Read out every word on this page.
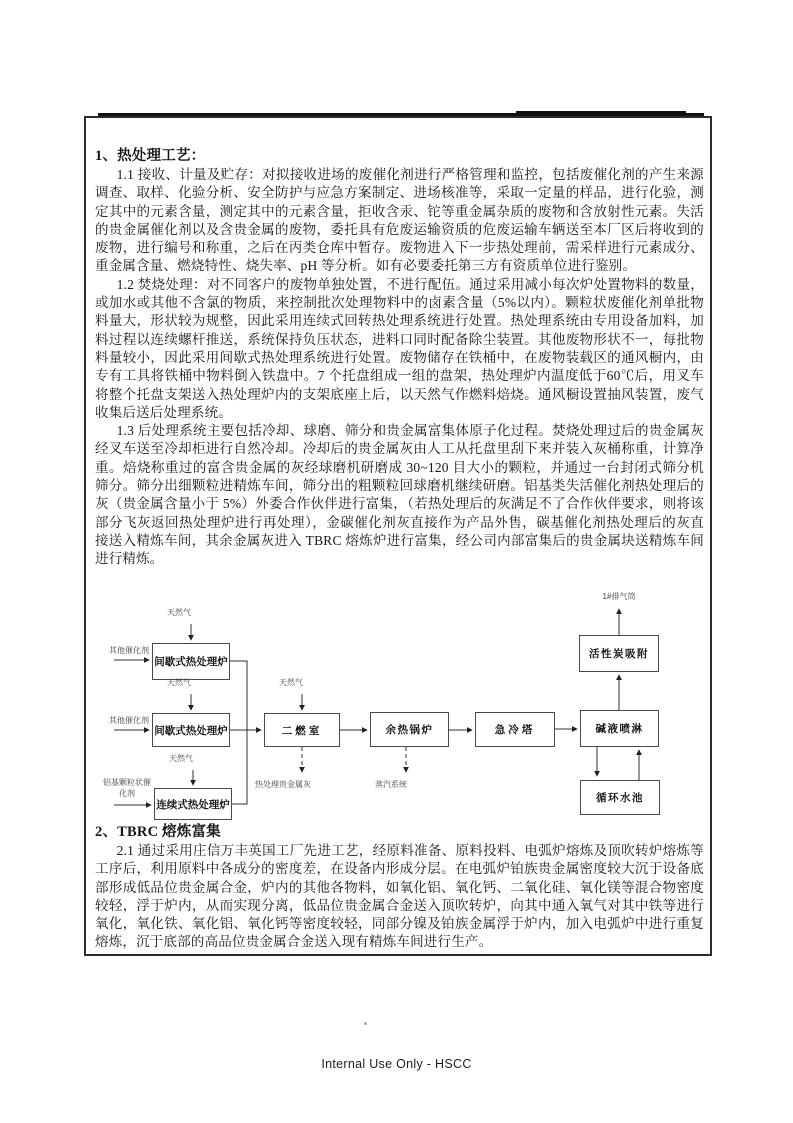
1、热处理工艺：

1.1 接收、计量及贮存：对拟接收进场的废催化剂进行严格管理和监控，包括废催化剂的产生来源调查、取样、化验分析、安全防护与应急方案制定、进场核准等，采取一定量的样品，进行化验，测定其中的元素含量，测定其中的元素含量，拒收含汞、铊等重金属杂质的废物和含放射性元素。失活的贵金属催化剂以及含贵金属的废物，委托具有危废运输资质的危废运输车辆送至本厂区后将收到的废物，进行编号和称重，之后在丙类仓库中暂存。废物进入下一步热处理前，需采样进行元素成分、重金属含量、燃烧特性、烧失率、pH 等分析。如有必要委托第三方有资质单位进行鉴别。

1.2 焚烧处理：对不同客户的废物单独处置，不进行配伍。通过采用减小每次炉处置物料的数量，或加水或其他不含氯的物质，来控制批次处理物料中的卤素含量（5%以内）。颗粒状废催化剂单批物料量大，形状较为规整，因此采用连续式回转热处理系统进行处置。热处理系统由专用设备加料，加料过程以连续螺杆推送，系统保持负压状态，进料口同时配备除尘装置。其他废物形状不一，每批物料量较小，因此采用间歇式热处理系统进行处置。废物储存在铁桶中，在废物装载区的通风橱内，由专有工具将铁桶中物料倒入铁盘中。7 个托盘组成一组的盘架，热处理炉内温度低于60℃后，用叉车将整个托盘支架送入热处理炉内的支架底座上后，以天然气作燃料焙烧。通风橱设置抽风装置，废气收集后送后处理系统。

1.3 后处理系统主要包括冷却、球磨、筛分和贵金属富集体原子化过程。焚烧处理过后的贵金属灰经叉车送至冷却柜进行自然冷却。冷却后的贵金属灰由人工从托盘里刮下来并装入灰桶称重，计算净重。焙烧称重过的富含贵金属的灰经球磨机研磨成 30~120 目大小的颗粒，并通过一台封闭式筛分机筛分。筛分出细颗粒进精炼车间，筛分出的粗颗粒回球磨机继续研磨。铝基类失活催化剂热处理后的灰（贵金属含量小于 5%）外委合作伙伴进行富集，（若热处理后的灰满足不了合作伙伴要求，则将该部分飞灰返回热处理炉进行再处理），金碳催化剂灰直接作为产品外售，碳基催化剂热处理后的灰直接送入精炼车间，其余金属灰进入 TBRC 熔炼炉进行富集，经公司内部富集后的贵金属块送精炼车间进行精炼。

间歇式热处理炉
间歇式热处理炉
连续式热处理炉
二燃室	余热锅炉	急冷塔	碱液喷淋
活性炭吸附
循环水池
天然气
天然气
天然气
天然气
1#排气筒
其他催化剂
其他催化剂
铝基颗粒状催化剂
热处理贵金属灰	蒸汽系统
2、TBRC 熔炼富集

2.1 通过采用庄信万丰英国工厂先进工艺，经原料准备、原料投料、电弧炉熔炼及顶吹转炉熔炼等工序后，利用原料中各成分的密度差，在设备内形成分层。在电弧炉铂族贵金属密度较大沉于设备底部形成低品位贵金属合金，炉内的其他各物料，如氧化铝、氧化钙、二氧化硅、氧化镁等混合物密度较轻，浮于炉内，从而实现分离，低品位贵金属合金送入顶吹转炉，向其中通入氧气对其中铁等进行氧化，氧化铁、氧化铝、氧化钙等密度较轻，同部分镍及铂族金属浮于炉内，加入电弧炉中进行重复熔炼，沉于底部的高品位贵金属合金送入现有精炼车间进行生产。

Internal Use Only - HSCC
